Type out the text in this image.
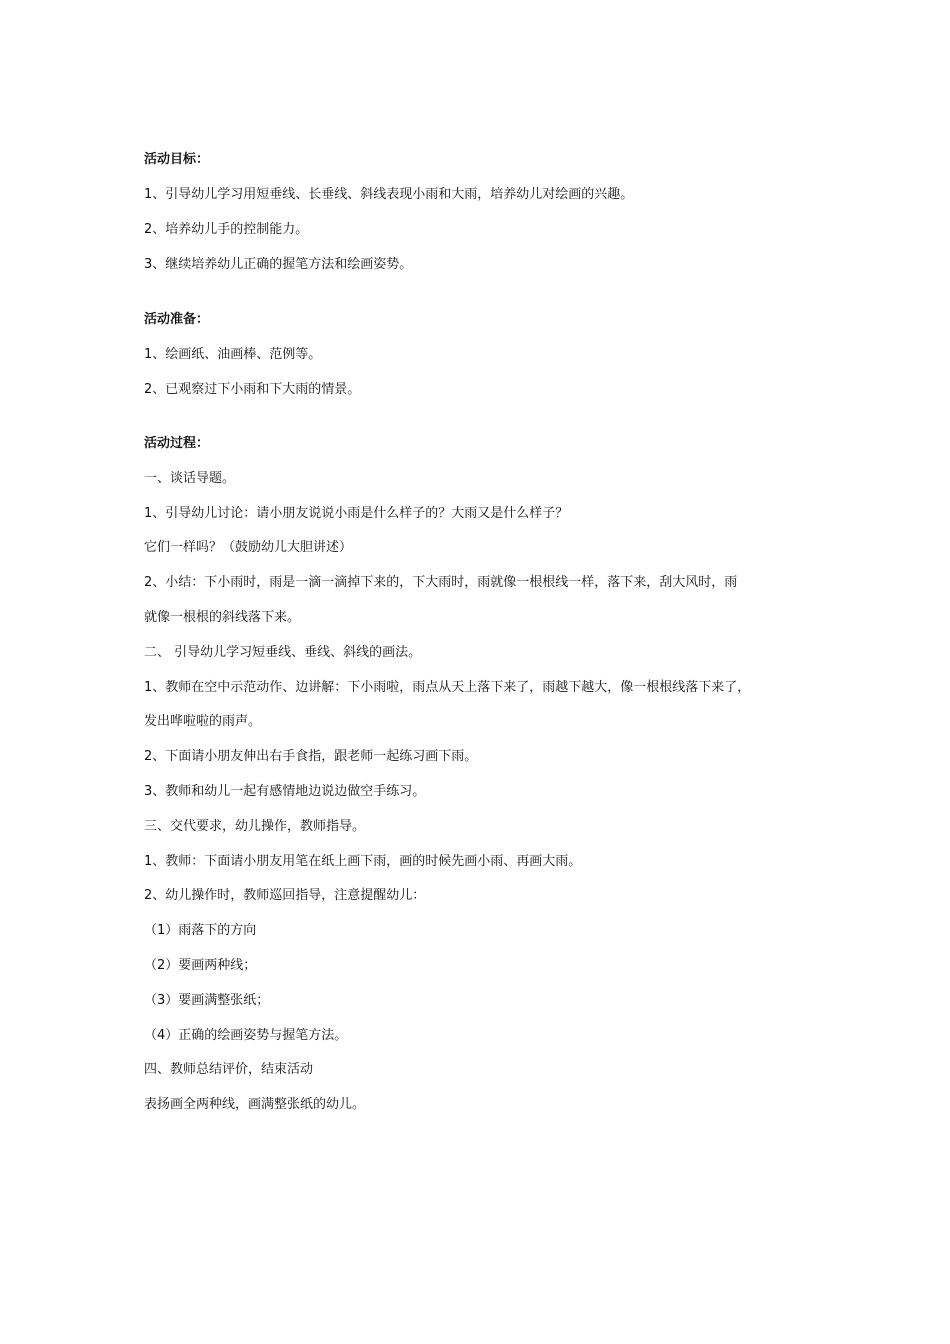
活动目标：
1、引导幼儿学习用短垂线、长垂线、斜线表现小雨和大雨，培养幼儿对绘画的兴趣。
2、培养幼儿手的控制能力。
3、继续培养幼儿正确的握笔方法和绘画姿势。
活动准备：
1、绘画纸、油画棒、范例等。
2、已观察过下小雨和下大雨的情景。
活动过程：
一、谈话导题。
1、引导幼儿讨论：请小朋友说说小雨是什么样子的？大雨又是什么样子？
它们一样吗？（鼓励幼儿大胆讲述）
2、小结：下小雨时，雨是一滴一滴掉下来的，下大雨时，雨就像一根根线一样，落下来，刮大风时，雨
就像一根根的斜线落下来。
二、 引导幼儿学习短垂线、垂线、斜线的画法。
1、教师在空中示范动作、边讲解：下小雨啦，雨点从天上落下来了，雨越下越大，像一根根线落下来了，
发出哗啦啦的雨声。
2、下面请小朋友伸出右手食指，跟老师一起练习画下雨。
3、教师和幼儿一起有感情地边说边做空手练习。
三、交代要求，幼儿操作，教师指导。
1、教师：下面请小朋友用笔在纸上画下雨，画的时候先画小雨、再画大雨。
2、幼儿操作时，教师巡回指导，注意提醒幼儿：
（1）雨落下的方向
（2）要画两种线；
（3）要画满整张纸；
（4）正确的绘画姿势与握笔方法。
四、教师总结评价，结束活动
表扬画全两种线，画满整张纸的幼儿。
